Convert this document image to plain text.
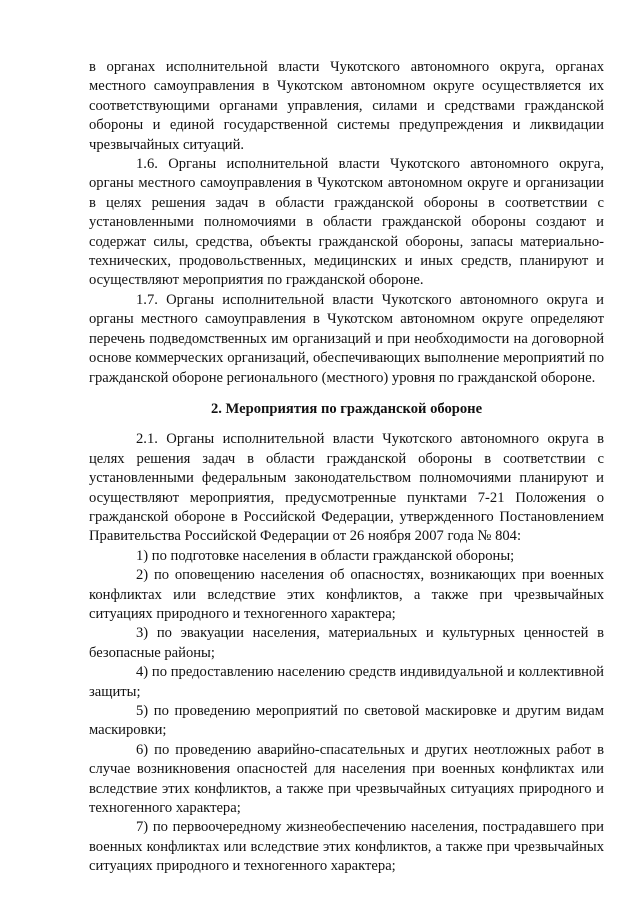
в органах исполнительной власти Чукотского автономного округа, органах местного самоуправления в Чукотском автономном округе осуществляется их соответствующими органами управления, силами и средствами гражданской обороны и единой государственной системы предупреждения и ликвидации чрезвычайных ситуаций.

1.6. Органы исполнительной власти Чукотского автономного округа, органы местного самоуправления в Чукотском автономном округе и организации в целях решения задач в области гражданской обороны в соответствии с установленными полномочиями в области гражданской обороны создают и содержат силы, средства, объекты гражданской обороны, запасы материально-технических, продовольственных, медицинских и иных средств, планируют и осуществляют мероприятия по гражданской обороне.

1.7. Органы исполнительной власти Чукотского автономного округа и органы местного самоуправления в Чукотском автономном округе определяют перечень подведомственных им организаций и при необходимости на договорной основе коммерческих организаций, обеспечивающих выполнение мероприятий по гражданской обороне регионального (местного) уровня по гражданской обороне.

2. Мероприятия по гражданской обороне

2.1. Органы исполнительной власти Чукотского автономного округа в целях решения задач в области гражданской обороны в соответствии с установленными федеральным законодательством полномочиями планируют и осуществляют мероприятия, предусмотренные пунктами 7-21 Положения о гражданской обороне в Российской Федерации, утвержденного Постановлением Правительства Российской Федерации от 26 ноября 2007 года № 804:

1) по подготовке населения в области гражданской обороны;

2) по оповещению населения об опасностях, возникающих при военных конфликтах или вследствие этих конфликтов, а также при чрезвычайных ситуациях природного и техногенного характера;

3) по эвакуации населения, материальных и культурных ценностей в безопасные районы;

4) по предоставлению населению средств индивидуальной и коллективной защиты;

5) по проведению мероприятий по световой маскировке и другим видам маскировки;

6) по проведению аварийно-спасательных и других неотложных работ в случае возникновения опасностей для населения при военных конфликтах или вследствие этих конфликтов, а также при чрезвычайных ситуациях природного и техногенного характера;

7) по первоочередному жизнеобеспечению населения, пострадавшего при военных конфликтах или вследствие этих конфликтов, а также при чрезвычайных ситуациях природного и техногенного характера;
